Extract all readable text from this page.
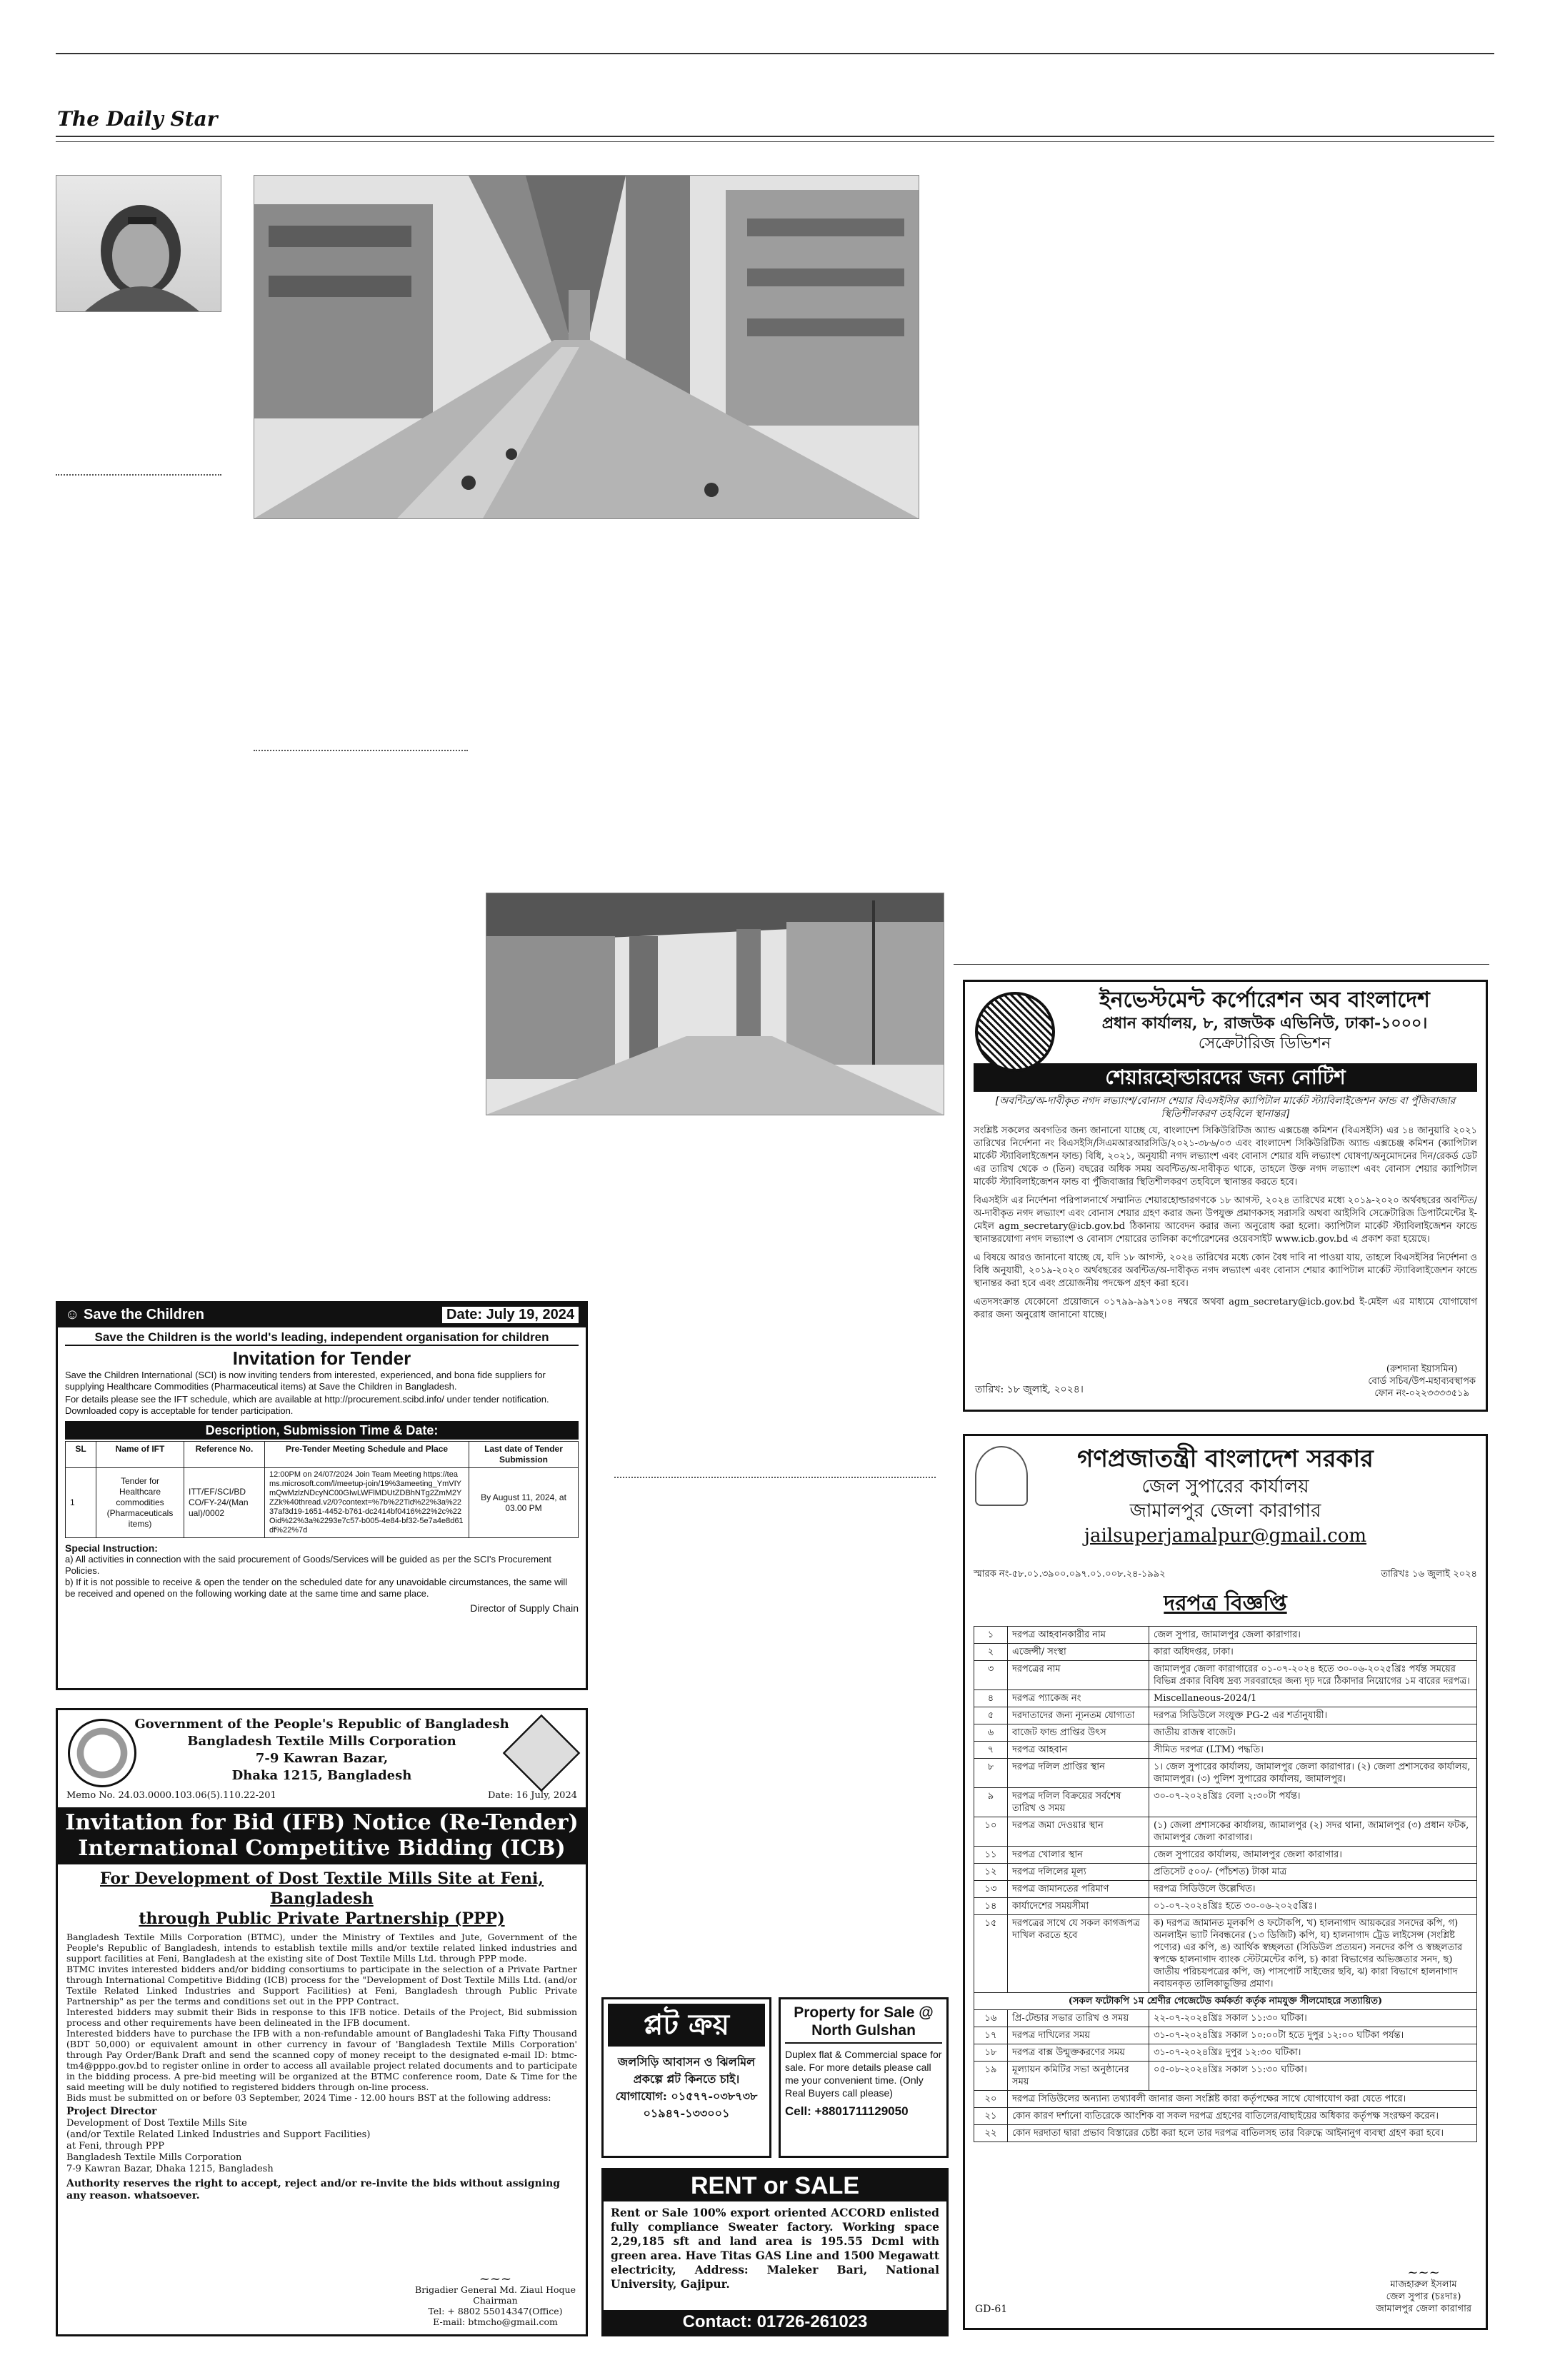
The Daily Star
ইনভেস্টমেন্ট কর্পোরেশন অব বাংলাদেশ
প্রধান কার্যালয়, ৮, রাজউক এভিনিউ, ঢাকা-১০০০।
সেক্রেটারিজ ডিভিশন
শেয়ারহোল্ডারদের জন্য নোটিশ
[অবন্টিত/অ-দাবীকৃত নগদ লভ্যাংশ/বোনাস শেয়ার বিএসইসির ক্যাপিটাল মার্কেট স্ট্যাবিলাইজেশন ফান্ড বা পুঁজিবাজার স্থিতিশীলকরণ তহবিলে স্থানান্তর]
সংশ্লিষ্ট সকলের অবগতির জন্য জানানো যাচ্ছে যে, বাংলাদেশ সিকিউরিটিজ অ্যান্ড এক্সচেঞ্জ কমিশন (বিএসইসি) এর ১৪ জানুয়ারি ২০২১ তারিখের নির্দেশনা নং বিএসইসি/সিএমআরআরসিডি/২০২১-৩৮৬/০৩ এবং বাংলাদেশ সিকিউরিটিজ অ্যান্ড এক্সচেঞ্জ কমিশন (ক্যাপিটাল মার্কেট স্ট্যাবিলাইজেশন ফান্ড) বিধি, ২০২১, অনুযায়ী নগদ লভ্যাংশ এবং বোনাস শেয়ার যদি লভ্যাংশ ঘোষণা/অনুমোদনের দিন/রেকর্ড ডেট এর তারিখ থেকে ৩ (তিন) বছরের অধিক সময় অবন্টিত/অ-দাবীকৃত থাকে, তাহলে উক্ত নগদ লভ্যাংশ এবং বোনাস শেয়ার ক্যাপিটাল মার্কেট স্ট্যাবিলাইজেশন ফান্ড বা পুঁজিবাজার স্থিতিশীলকরণ তহবিলে স্থানান্তর করতে হবে।
বিএসইসি এর নির্দেশনা পরিপালনার্থে সম্মানিত শেয়ারহোল্ডারগণকে ১৮ আগস্ট, ২০২৪ তারিখের মধ্যে ২০১৯-২০২০ অর্থবছরের অবন্টিত/অ-দাবীকৃত নগদ লভ্যাংশ এবং বোনাস শেয়ার গ্রহণ করার জন্য উপযুক্ত প্রমাণকসহ সরাসরি অথবা আইসিবি সেক্রেটারিজ ডিপার্টমেন্টের ই-মেইল agm_secretary@icb.gov.bd ঠিকানায় আবেদন করার জন্য অনুরোধ করা হলো। ক্যাপিটাল মার্কেট স্ট্যাবিলাইজেশন ফান্ডে স্থানান্তরযোগ্য নগদ লভ্যাংশ ও বোনাস শেয়ারের তালিকা কর্পোরেশনের ওয়েবসাইট www.icb.gov.bd এ প্রকাশ করা হয়েছে।
এ বিষয়ে আরও জানানো যাচ্ছে যে, যদি ১৮ আগস্ট, ২০২৪ তারিখের মধ্যে কোন বৈধ দাবি না পাওয়া যায়, তাহলে বিএসইসির নির্দেশনা ও বিধি অনুযায়ী, ২০১৯-২০২০ অর্থবছরের অবন্টিত/অ-দাবীকৃত নগদ লভ্যাংশ এবং বোনাস শেয়ার ক্যাপিটাল মার্কেট স্ট্যাবিলাইজেশন ফান্ডে স্থানান্তর করা হবে এবং প্রয়োজনীয় পদক্ষেপ গ্রহণ করা হবে।
এতদসংক্রান্ত যেকোনো প্রয়োজনে ০১৭৯৯-৯৯৭১০৪ নম্বরে অথবা agm_secretary@icb.gov.bd ই-মেইল এর মাধ্যমে যোগাযোগ করার জন্য অনুরোধ জানানো যাচ্ছে।
(রুশদানা ইয়াসমিন)
বোর্ড সচিব/উপ-মহাব্যবস্থাপক
ফোন নং-০২২৩৩৩৩৫১৯
তারিখ: ১৮ জুলাই, ২০২৪।
গণপ্রজাতন্ত্রী বাংলাদেশ সরকার
জেল সুপারের কার্যালয়
জামালপুর জেলা কারাগার
jailsuperjamalpur@gmail.com
স্মারক নং-৫৮.০১.৩৯০০.০৯৭.০১.০০৮.২৪-১৯৯২	তারিখঃ ১৬ জুলাই ২০২৪
দরপত্র বিজ্ঞপ্তি
১	দরপত্র আহবানকারীর নাম	জেল সুপার, জামালপুর জেলা কারাগার।
২	এজেন্সী/ সংস্থা	কারা অধিদপ্তর, ঢাকা।
৩	দরপত্রের নাম	জামালপুর জেলা কারাগারের ০১-০৭-২০২৪ হতে ৩০-০৬-২০২৫খ্রিঃ পর্যন্ত সময়ের বিভিন্ন প্রকার বিবিধ দ্রব্য সরবরাহের জন্য দৃঢ় দরে ঠিকাদার নিয়োগের ১ম বারের দরপত্র।
৪	দরপত্র প্যাকেজ নং	Miscellaneous-2024/1
৫	দরদাতাদের জন্য ন্যূনতম যোগ্যতা	দরপত্র সিডিউলে সংযুক্ত PG-2 এর শর্তানুযায়ী।
৬	বাজেট ফান্ড প্রাপ্তির উৎস	জাতীয় রাজস্ব বাজেট।
৭	দরপত্র আহবান	সীমিত দরপত্র (LTM) পদ্ধতি।
৮	দরপত্র দলিল প্রাপ্তির স্থান	১। জেল সুপারের কার্যালয়, জামালপুর জেলা কারাগার। (২) জেলা প্রশাসকের কার্যালয়, জামালপুর। (৩) পুলিশ সুপারের কার্যালয়, জামালপুর।
৯	দরপত্র দলিল বিক্রয়ের সর্বশেষ তারিখ ও সময়	৩০-০৭-২০২৪খ্রিঃ বেলা ২:৩০টা পর্যন্ত।
১০	দরপত্র জমা দেওয়ার স্থান	(১) জেলা প্রশাসকের কার্যালয়, জামালপুর (২) সদর থানা, জামালপুর (৩) প্রধান ফটক, জামালপুর জেলা কারাগার।
১১	দরপত্র খোলার স্থান	জেল সুপারের কার্যালয়, জামালপুর জেলা কারাগার।
১২	দরপত্র দলিলের মূল্য	প্রতিসেট ৫০০/- (পাঁচশত) টাকা মাত্র
১৩	দরপত্র জামানতের পরিমাণ	দরপত্র সিডিউলে উল্লেখিত।
১৪	কার্যাদেশের সময়সীমা	০১-০৭-২০২৪খ্রিঃ হতে ৩০-০৬-২০২৫খ্রিঃ।
১৫	দরপত্রের সাথে যে সকল কাগজপত্র দাখিল করতে হবে	ক) দরপত্র জামানত মূলকপি ও ফটোকপি, খ) হালনাগাদ আয়করের সনদের কপি, গ) অনলাইন ভ্যাট নিবন্ধনের (১৩ ডিজিট) কপি, ঘ) হালনাগাদ ট্রেড লাইসেন্স (সংশ্লিষ্ট পণ্যের) এর কপি, ঙ) আর্থিক স্বচ্ছলতা (সিডিউল প্রত্যয়ন) সনদের কপি ও স্বচ্ছলতার স্বপক্ষে হালনাগাদ ব্যাংক স্টেটমেন্টের কপি, চ) কারা বিভাগের অভিজ্ঞতার সনদ, ছ) জাতীয় পরিচয়পত্রের কপি, জ) পাসপোর্ট সাইজের ছবি, ঝ) কারা বিভাগে হালনাগাদ নবায়নকৃত তালিকাভুক্তির প্রমাণ।
(সকল ফটোকপি ১ম শ্রেণীর গেজেটেড কর্মকর্তা কর্তৃক নামযুক্ত সীলমোহরে সত্যায়িত)		
১৬	প্রি-টেন্ডার সভার তারিখ ও সময়	২২-০৭-২০২৪খ্রিঃ সকাল ১১:৩০ ঘটিকা।
১৭	দরপত্র দাখিলের সময়	৩১-০৭-২০২৪খ্রিঃ সকাল ১০:০০টা হতে দুপুর ১২:০০ ঘটিকা পর্যন্ত।
১৮	দরপত্র বাক্স উন্মুক্তকরণের সময়	৩১-০৭-২০২৪খ্রিঃ দুপুর ১২:৩০ ঘটিকা।
১৯	মূল্যায়ন কমিটির সভা অনুষ্ঠানের সময়	০৫-০৮-২০২৪খ্রিঃ সকাল ১১:৩০ ঘটিকা।
২০	দরপত্র সিডিউলের অন্যান্য তথ্যাবলী জানার জন্য সংশ্লিষ্ট কারা কর্তৃপক্ষের সাথে যোগাযোগ করা যেতে পারে।	
২১	কোন কারণ দর্শানো ব্যতিরেকে আংশিক বা সকল দরপত্র গ্রহণের বাতিলের/বাছাইয়ের অধিকার কর্তৃপক্ষ সংরক্ষণ করেন।	
২২	কোন দরদাতা দ্বারা প্রভাব বিস্তারের চেষ্টা করা হলে তার দরপত্র বাতিলসহ তার বিরুদ্ধে আইনানুগ ব্যবস্থা গ্রহণ করা হবে।	
~~~
মাজহারুল ইসলাম
জেল সুপার (চঃদাঃ)
জামালপুর জেলা কারাগার
GD-61
☺ Save the Children	Date: July 19, 2024
Save the Children is the world's leading, independent organisation for children
Invitation for Tender
Save the Children International (SCI) is now inviting tenders from interested, experienced, and bona fide suppliers for supplying Healthcare Commodities (Pharmaceutical items) at Save the Children in Bangladesh.
For details please see the IFT schedule, which are available at http://procurement.scibd.info/ under tender notification. Downloaded copy is acceptable for tender participation.
Description, Submission Time & Date:
SL	Name of IFT	Reference No.	Pre-Tender Meeting Schedule and Place	Last date of Tender Submission
1	Tender for Healthcare commodities (Pharmaceuticals items)	ITT/EF/SCI/BD CO/FY-24/(Man ual)/0002	12:00PM on 24/07/2024 Join Team Meeting https://teams.microsoft.com/l/meetup-join/19%3ameeting_YmVIYmQwMzlzNDcyNC00GIwLWFlMDUtZDBhNTg2ZmM2YZZk%40thread.v2/0?context=%7b%22Tid%22%3a%2237af3d19-1651-4452-b761-dc2414bf0416%22%2c%22Oid%22%3a%2293e7c57-b005-4e84-bf32-5e7a4e8d61df%22%7d	By August 11, 2024, at 03.00 PM
Special Instruction:
a) All activities in connection with the said procurement of Goods/Services will be guided as per the SCI's Procurement Policies.
b) If it is not possible to receive & open the tender on the scheduled date for any unavoidable circumstances, the same will be received and opened on the following working date at the same time and same place.
Director of Supply Chain
Government of the People's Republic of Bangladesh
Bangladesh Textile Mills Corporation
7-9 Kawran Bazar,
Dhaka 1215, Bangladesh
Memo No. 24.03.0000.103.06(5).110.22-201	Date: 16 July, 2024
Invitation for Bid (IFB) Notice (Re-Tender)
International Competitive Bidding (ICB)
For Development of Dost Textile Mills Site at Feni, Bangladesh
through Public Private Partnership (PPP)
Bangladesh Textile Mills Corporation (BTMC), under the Ministry of Textiles and Jute, Government of the People's Republic of Bangladesh, intends to establish textile mills and/or textile related linked industries and support facilities at Feni, Bangladesh at the existing site of Dost Textile Mills Ltd. through PPP mode.
BTMC invites interested bidders and/or bidding consortiums to participate in the selection of a Private Partner through International Competitive Bidding (ICB) process for the "Development of Dost Textile Mills Ltd. (and/or Textile Related Linked Industries and Support Facilities) at Feni, Bangladesh through Public Private Partnership" as per the terms and conditions set out in the PPP Contract.
Interested bidders may submit their Bids in response to this IFB notice. Details of the Project, Bid submission process and other requirements have been delineated in the IFB document.
Interested bidders have to purchase the IFB with a non-refundable amount of Bangladeshi Taka Fifty Thousand (BDT 50,000) or equivalent amount in other currency in favour of 'Bangladesh Textile Mills Corporation' through Pay Order/Bank Draft and send the scanned copy of money receipt to the designated e-mail ID: btmc-tm4@pppo.gov.bd to register online in order to access all available project related documents and to participate in the bidding process. A pre-bid meeting will be organized at the BTMC conference room, Date & Time for the said meeting will be duly notified to registered bidders through on-line process.
Bids must be submitted on or before 03 September, 2024 Time - 12.00 hours BST at the following address:
Project Director
Development of Dost Textile Mills Site
(and/or Textile Related Linked Industries and Support Facilities)
at Feni, through PPP
Bangladesh Textile Mills Corporation
7-9 Kawran Bazar, Dhaka 1215, Bangladesh
Authority reserves the right to accept, reject and/or re-invite the bids without assigning any reason. whatsoever.
~~~
Brigadier General Md. Ziaul Hoque
Chairman
Tel: + 8802 55014347(Office)
E-mail: btmcho@gmail.com
প্লট ক্রয়
জলসিড়ি আবাসন ও ঝিলমিল
প্রকল্পে প্লট কিনতে চাই।
যোগাযোগ: ০১৫৭৭-০৩৮৭৩৮
০১৯৪৭-১৩৩০০১
Property for Sale @
North Gulshan
Duplex flat & Commercial space for sale. For more details please call me your convenient time. (Only Real Buyers call please)
Cell: +8801711129050
RENT or SALE
Rent or Sale 100% export oriented ACCORD enlisted fully compliance Sweater factory. Working space 2,29,185 sft and land area is 195.55 Dcml with green area. Have Titas GAS Line and 1500 Megawatt electricity, Address: Maleker Bari, National University, Gajipur.
Contact: 01726-261023
